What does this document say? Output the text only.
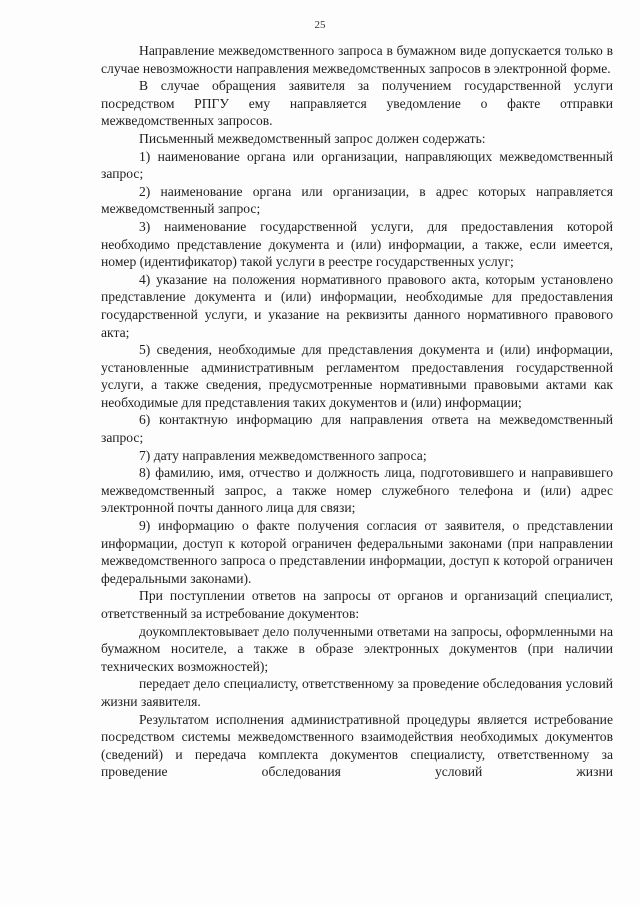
25

Направление межведомственного запроса в бумажном виде допускается только в случае невозможности направления межведомственных запросов в электронной форме.

В случае обращения заявителя за получением государственной услуги посредством РПГУ ему направляется уведомление о факте отправки межведомственных запросов.

Письменный межведомственный запрос должен содержать:

1) наименование органа или организации, направляющих межведомственный запрос;

2) наименование органа или организации, в адрес которых направляется межведомственный запрос;

3) наименование государственной услуги, для предоставления которой необходимо представление документа и (или) информации, а также, если имеется, номер (идентификатор) такой услуги в реестре государственных услуг;

4) указание на положения нормативного правового акта, которым установлено представление документа и (или) информации, необходимые для предоставления государственной услуги, и указание на реквизиты данного нормативного правового акта;

5) сведения, необходимые для представления документа и (или) информации, установленные административным регламентом предоставления государственной услуги, а также сведения, предусмотренные нормативными правовыми актами как необходимые для представления таких документов и (или) информации;

6) контактную информацию для направления ответа на межведомственный запрос;

7) дату направления межведомственного запроса;

8) фамилию, имя, отчество и должность лица, подготовившего и направившего межведомственный запрос, а также номер служебного телефона и (или) адрес электронной почты данного лица для связи;

9) информацию о факте получения согласия от заявителя, о представлении информации, доступ к которой ограничен федеральными законами (при направлении межведомственного запроса о представлении информации, доступ к которой ограничен федеральными законами).

При поступлении ответов на запросы от органов и организаций специалист, ответственный за истребование документов:

доукомплектовывает дело полученными ответами на запросы, оформленными на бумажном носителе, а также в образе электронных документов (при наличии технических возможностей);

передает дело специалисту, ответственному за проведение обследования условий жизни заявителя.

Результатом исполнения административной процедуры является истребование посредством системы межведомственного взаимодействия необходимых документов (сведений) и передача комплекта документов специалисту, ответственному за проведение обследования условий жизни
